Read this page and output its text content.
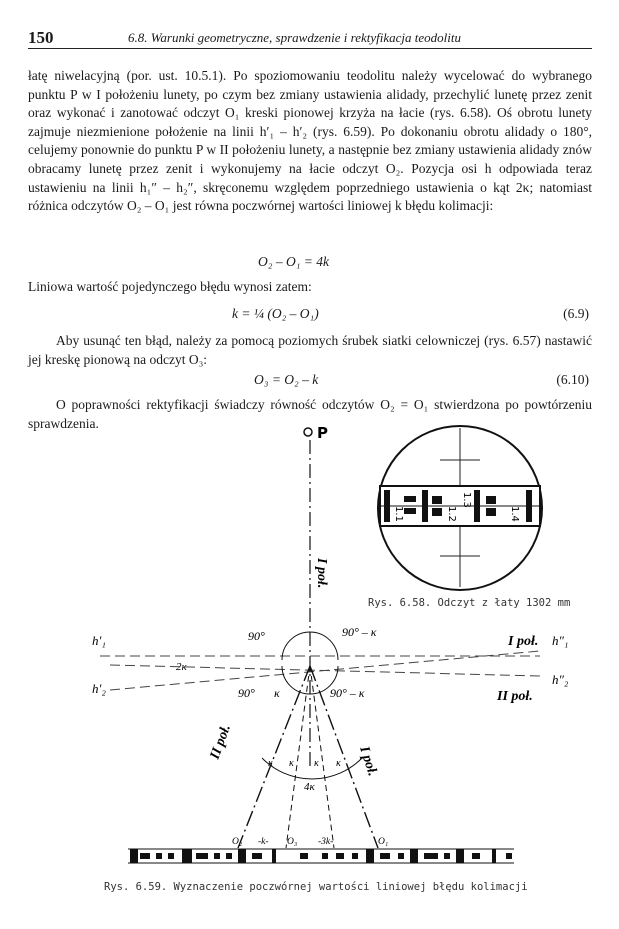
150	6.8. Warunki geometryczne, sprawdzenie i rektyfikacja teodolitu

łatę niwelacyjną (por. ust. 10.5.1). Po spoziomowaniu teodolitu należy wycelować do wybranego punktu P w I położeniu lunety, po czym bez zmiany ustawienia alidady, przechylić lunetę przez zenit oraz wykonać i zanotować odczyt O₁ kreski pionowej krzyża na łacie (rys. 6.58). Oś obrotu lunety zajmuje niezmienione położenie na linii h′₁ – h′₂ (rys. 6.59). Po dokonaniu obrotu alidady o 180°, celujemy ponownie do punktu P w II położeniu lunety, a następnie bez zmiany ustawienia alidady znów obracamy lunetę przez zenit i wykonujemy na łacie odczyt O₂. Pozycja osi h odpowiada teraz ustawieniu na linii h₁″ – h₂″, skręconemu względem poprzedniego ustawienia o kąt 2κ; natomiast różnica odczytów O₂ – O₁ jest równa poczwórnej wartości liniowej k błędu kolimacji:

O₂ – O₁ = 4k

Liniowa wartość pojedynczego błędu wynosi zatem:

k = ¼ (O₂ – O₁)	(6.9)

Aby usunąć ten błąd, należy za pomocą poziomych śrubek siatki celowniczej (rys. 6.57) nastawić jej kreskę pionową na odczyt O₃:

O₃ = O₂ – k	(6.10)

O poprawności rektyfikacji świadczy równość odczytów O₂ = O₁ stwierdzona po powtórzeniu sprawdzenia.

1.1	1.2
1.3
1.4
Rys. 6.58. Odczyt z łaty 1302 mm
P
I poł.
h′₁
h′₂
h″₁
h″₂
I poł.
II poł.
2κ
90°	90° – κ
90° κ	90° – κ
κ κ κ κ
4κ
II poł.	I poł.
O₂ -k- O₃ -3k-	O₁
Rys. 6.59. Wyznaczenie poczwórnej wartości liniowej błędu kolimacji
